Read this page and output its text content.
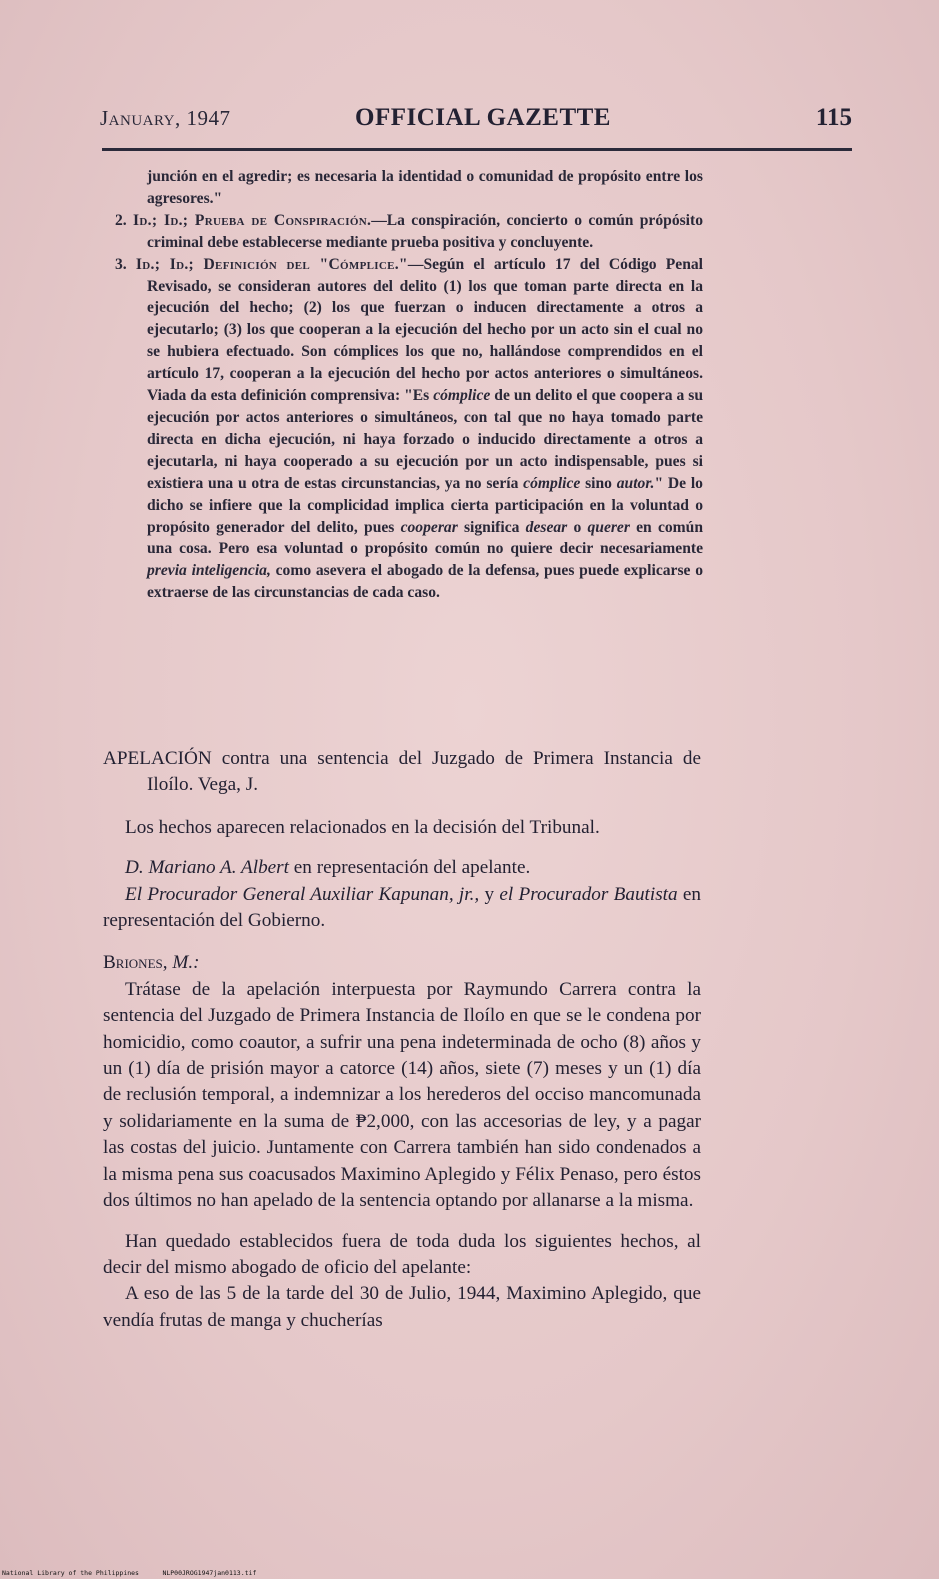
January, 1947	OFFICIAL GAZETTE	115

junción en el agredir; es necesaria la identidad o comunidad de propósito entre los agresores."

2. Id.; Id.; Prueba de Conspiración.—La conspiración, concierto o común própósito criminal debe establecerse mediante prueba positiva y concluyente.

3. Id.; Id.; Definición del "Cómplice."—Según el artículo 17 del Código Penal Revisado, se consideran autores del delito (1) los que toman parte directa en la ejecución del hecho; (2) los que fuerzan o inducen directamente a otros a ejecutarlo; (3) los que cooperan a la ejecución del hecho por un acto sin el cual no se hubiera efectuado. Son cómplices los que no, hallándose comprendidos en el artículo 17, cooperan a la ejecución del hecho por actos anteriores o simultáneos. Viada da esta definición comprensiva: "Es cómplice de un delito el que coopera a su ejecución por actos anteriores o simultáneos, con tal que no haya tomado parte directa en dicha ejecución, ni haya forzado o inducido directamente a otros a ejecutarla, ni haya cooperado a su ejecución por un acto indispensable, pues si existiera una u otra de estas circunstancias, ya no sería cómplice sino autor." De lo dicho se infiere que la complicidad implica cierta participación en la voluntad o propósito generador del delito, pues cooperar significa desear o querer en común una cosa. Pero esa voluntad o propósito común no quiere decir necesariamente previa inteligencia, como asevera el abogado de la defensa, pues puede explicarse o extraerse de las circunstancias de cada caso.

APELACIÓN contra una sentencia del Juzgado de Primera Instancia de Iloílo. Vega, J.

Los hechos aparecen relacionados en la decisión del Tribunal.

D. Mariano A. Albert en representación del apelante.

El Procurador General Auxiliar Kapunan, jr., y el Procurador Bautista en representación del Gobierno.

Briones, M.:

Trátase de la apelación interpuesta por Raymundo Carrera contra la sentencia del Juzgado de Primera Instancia de Iloílo en que se le condena por homicidio, como coautor, a sufrir una pena indeterminada de ocho (8) años y un (1) día de prisión mayor a catorce (14) años, siete (7) meses y un (1) día de reclusión temporal, a indemnizar a los herederos del occiso mancomunada y solidariamente en la suma de ₱2,000, con las accesorias de ley, y a pagar las costas del juicio. Juntamente con Carrera también han sido condenados a la misma pena sus coacusados Maximino Aplegido y Félix Penaso, pero éstos dos últimos no han apelado de la sentencia optando por allanarse a la misma.

Han quedado establecidos fuera de toda duda los siguientes hechos, al decir del mismo abogado de oficio del apelante:

A eso de las 5 de la tarde del 30 de Julio, 1944, Maximino Aplegido, que vendía frutas de manga y chucherías

National Library of the Philippines      NLP00JROG1947jan0113.tif
